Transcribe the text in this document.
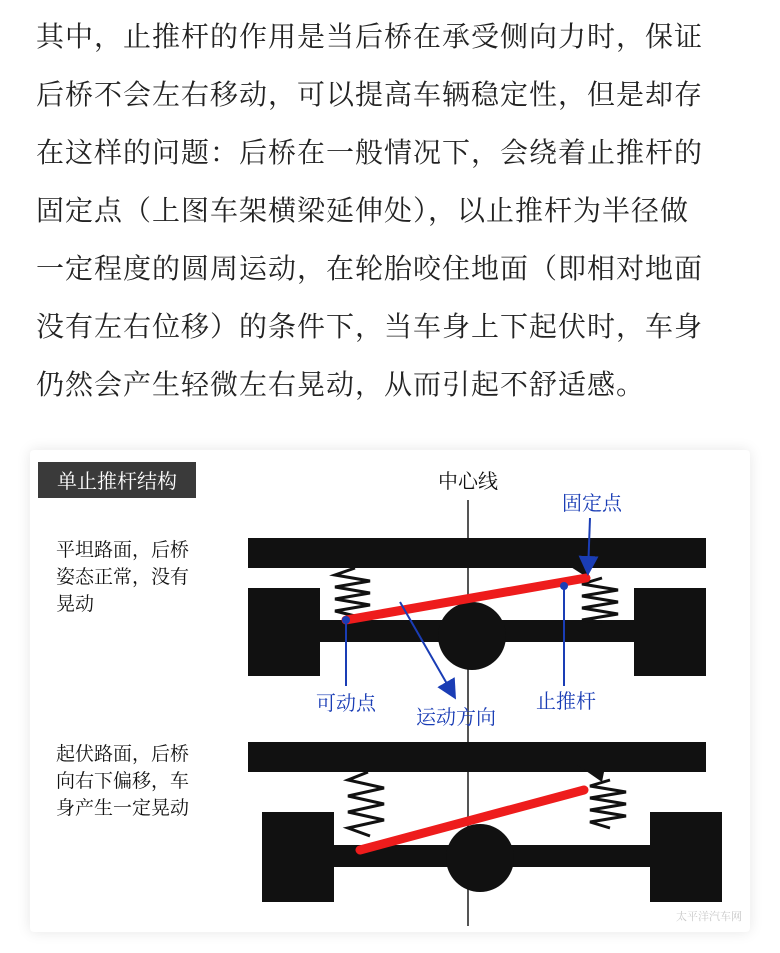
其中，止推杆的作用是当后桥在承受侧向力时，保证
后桥不会左右移动，可以提高车辆稳定性，但是却存
在这样的问题：后桥在一般情况下，会绕着止推杆的
固定点（上图车架横梁延伸处），以止推杆为半径做
一定程度的圆周运动，在轮胎咬住地面（即相对地面
没有左右位移）的条件下，当车身上下起伏时，车身
仍然会产生轻微左右晃动，从而引起不舒适感。
单止推杆结构	中心线
平坦路面，后桥 姿态正常，没有 晃动
固定点
可动点
运动方向
止推杆
起伏路面，后桥 向右下偏移，车 身产生一定晃动
太平洋汽车网
